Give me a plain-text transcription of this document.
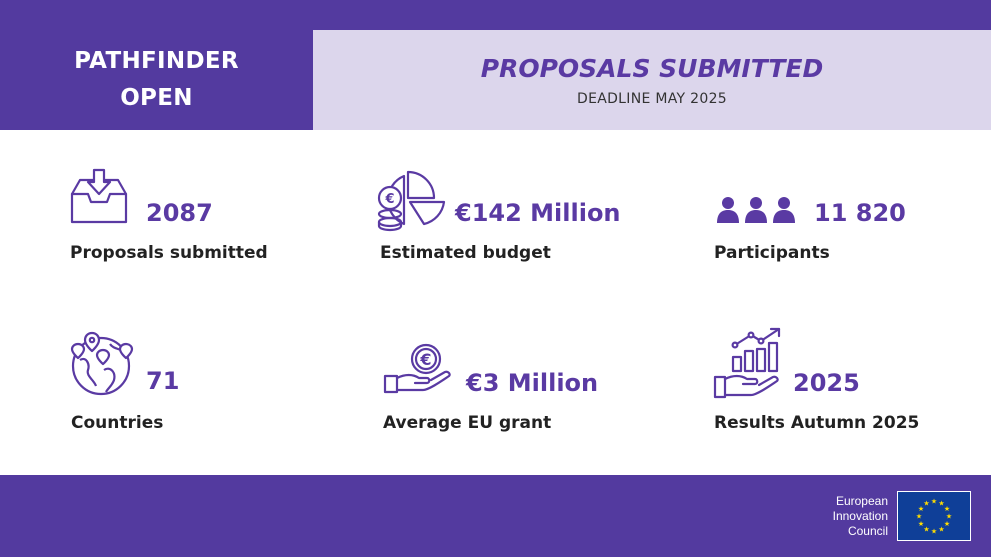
PATHFINDER
OPEN
PROPOSALS SUBMITTED
DEADLINE MAY 2025
2087
Proposals submitted
€	€142 Million
Estimated budget
11 820
Participants
71
Countries
€
€3 Million
Average EU grant
2025
Results Autumn 2025
European
Innovation
Council
★ ★
★
★
★
★
★
★
★
★
★
★
